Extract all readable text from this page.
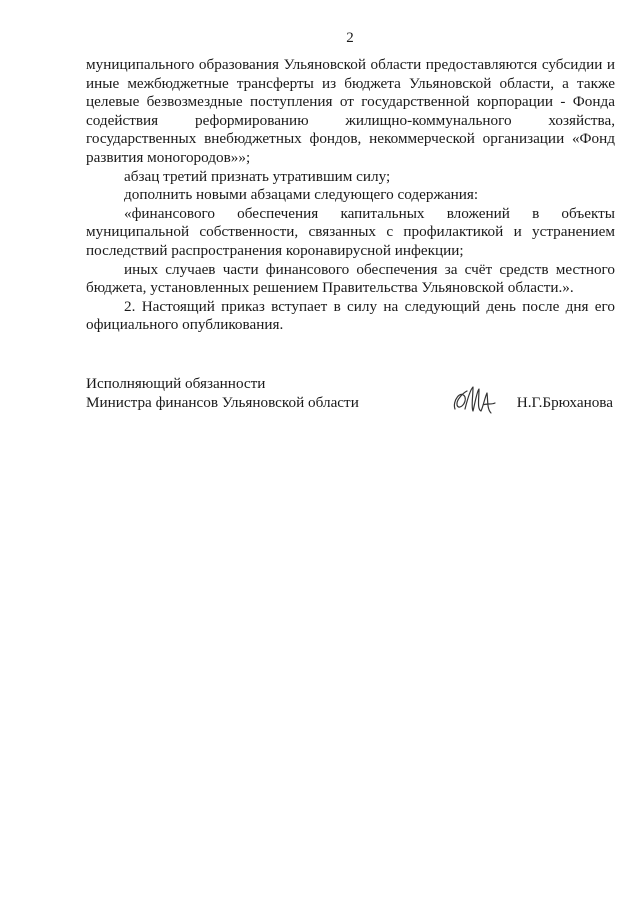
2

муниципального образования Ульяновской области предоставляются субсидии и иные межбюджетные трансферты из бюджета Ульяновской области, а также целевые безвозмездные поступления от государственной корпорации - Фонда содействия реформированию жилищно-коммунального хозяйства, государственных внебюджетных фондов, некоммерческой организации «Фонд развития моногородов»»;

абзац третий признать утратившим силу;

дополнить новыми абзацами следующего содержания:

«финансового обеспечения капитальных вложений в объекты муниципальной собственности, связанных с профилактикой и устранением последствий распространения коронавирусной инфекции;

иных случаев части финансового обеспечения за счёт средств местного бюджета, установленных решением Правительства Ульяновской области.».

2. Настоящий приказ вступает в силу на следующий день после дня его официального опубликования.

Исполняющий обязанности
Министра финансов Ульяновской области	Н.Г.Брюханова
